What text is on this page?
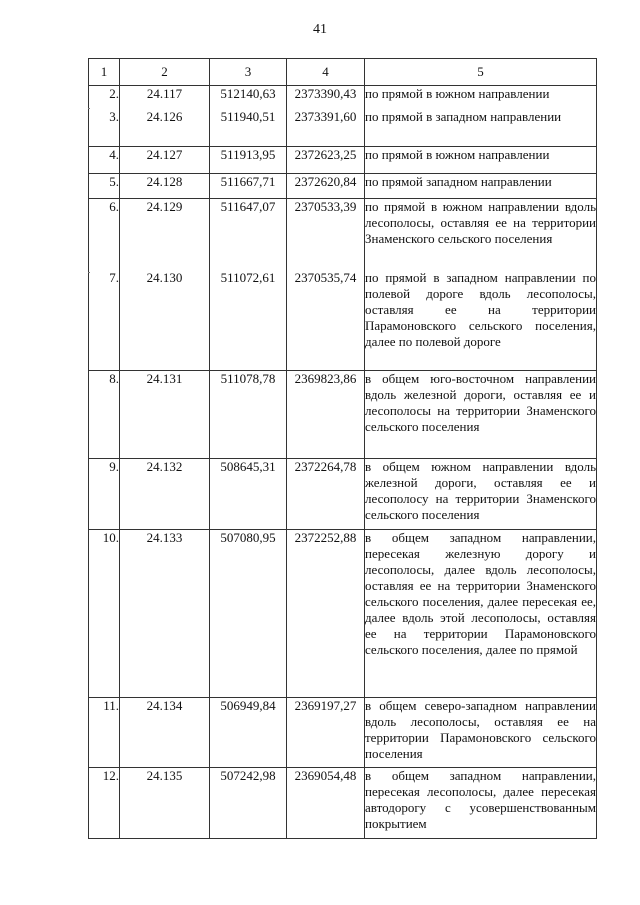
41
1	2	3	4	5
2.	24.117	512140,63	2373390,43	по прямой в южном направлении
3.	24.126	511940,51	2373391,60	по прямой в западном направлении
4.	24.127	511913,95	2372623,25	по прямой в южном направлении
5.	24.128	511667,71	2372620,84	по прямой западном направлении
6.	24.129	511647,07	2370533,39	по прямой в южном направлении вдоль лесополосы, оставляя ее на территории Знаменского сельского поселения
7.	24.130	511072,61	2370535,74	по прямой в западном направлении по полевой дороге вдоль лесополосы, оставляя ее на территории Парамоновского сельского поселения, далее по полевой дороге
8.	24.131	511078,78	2369823,86	в общем юго-восточном направлении вдоль железной дороги, оставляя ее и лесополосы на территории Знаменского сельского поселения
9.	24.132	508645,31	2372264,78	в общем южном направлении вдоль железной дороги, оставляя ее и лесополосу на территории Знаменского сельского поселения
10.	24.133	507080,95	2372252,88	в общем западном направлении, пересекая железную дорогу и лесополосы, далее вдоль лесополосы, оставляя ее на территории Знаменского сельского поселения, далее пересекая ее, далее вдоль этой лесополосы, оставляя ее на территории Парамоновского сельского поселения, далее по прямой
11.	24.134	506949,84	2369197,27	в общем северо-западном направлении вдоль лесополосы, оставляя ее на территории Парамоновского сельского поселения
12.	24.135	507242,98	2369054,48	в общем западном направлении, пересекая лесополосы, далее пересекая автодорогу с усовершенствованным покрытием
